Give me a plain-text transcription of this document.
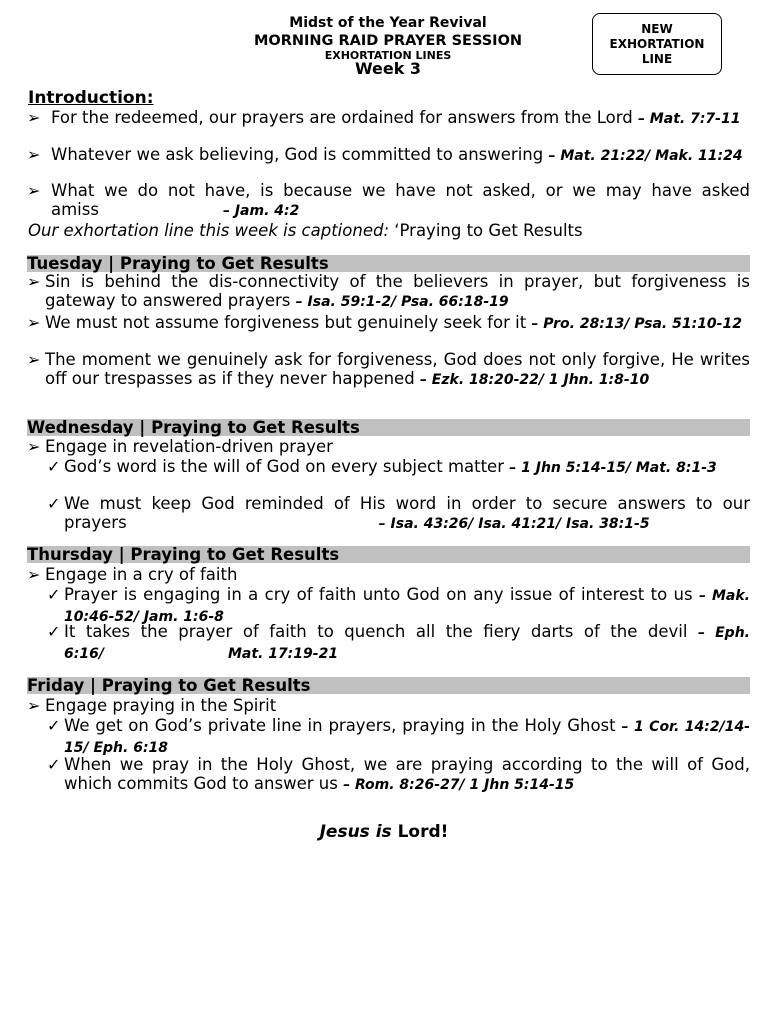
Midst of the Year Revival
MORNING RAID PRAYER SESSION
EXHORTATION LINES
Week 3
NEW
EXHORTATION
LINE
Introduction:
➢ For the redeemed, our prayers are ordained for answers from the Lord – Mat. 7:7-11
➢ Whatever we ask believing, God is committed to answering – Mat. 21:22/ Mak. 11:24
➢ What we do not have, is because we have not asked, or we may have asked amiss	– Jam. 4:2
Our exhortation line this week is captioned: ‘Praying to Get Results
Tuesday | Praying to Get Results
➢ Sin is behind the dis-connectivity of the believers in prayer, but forgiveness is gateway to answered prayers – Isa. 59:1-2/ Psa. 66:18-19
➢ We must not assume forgiveness but genuinely seek for it – Pro. 28:13/ Psa. 51:10-12
➢ The moment we genuinely ask for forgiveness, God does not only forgive, He writes off our trespasses as if they never happened – Ezk. 18:20-22/ 1 Jhn. 1:8-10
Wednesday | Praying to Get Results
➢ Engage in revelation-driven prayer
✓ God’s word is the will of God on every subject matter – 1 Jhn 5:14-15/ Mat. 8:1-3
✓ We must keep God reminded of His word in order to secure answers to our prayers	– Isa. 43:26/ Isa. 41:21/ Isa. 38:1-5
Thursday | Praying to Get Results
➢ Engage in a cry of faith
✓ Prayer is engaging in a cry of faith unto God on any issue of interest to us – Mak. 10:46-52/ Jam. 1:6-8
✓ It takes the prayer of faith to quench all the fiery darts of the devil – Eph. 6:16/	Mat. 17:19-21
Friday | Praying to Get Results
➢ Engage praying in the Spirit
✓ We get on God’s private line in prayers, praying in the Holy Ghost – 1 Cor. 14:2/14-15/ Eph. 6:18
✓ When we pray in the Holy Ghost, we are praying according to the will of God, which commits God to answer us – Rom. 8:26-27/ 1 Jhn 5:14-15
Jesus is Lord!
